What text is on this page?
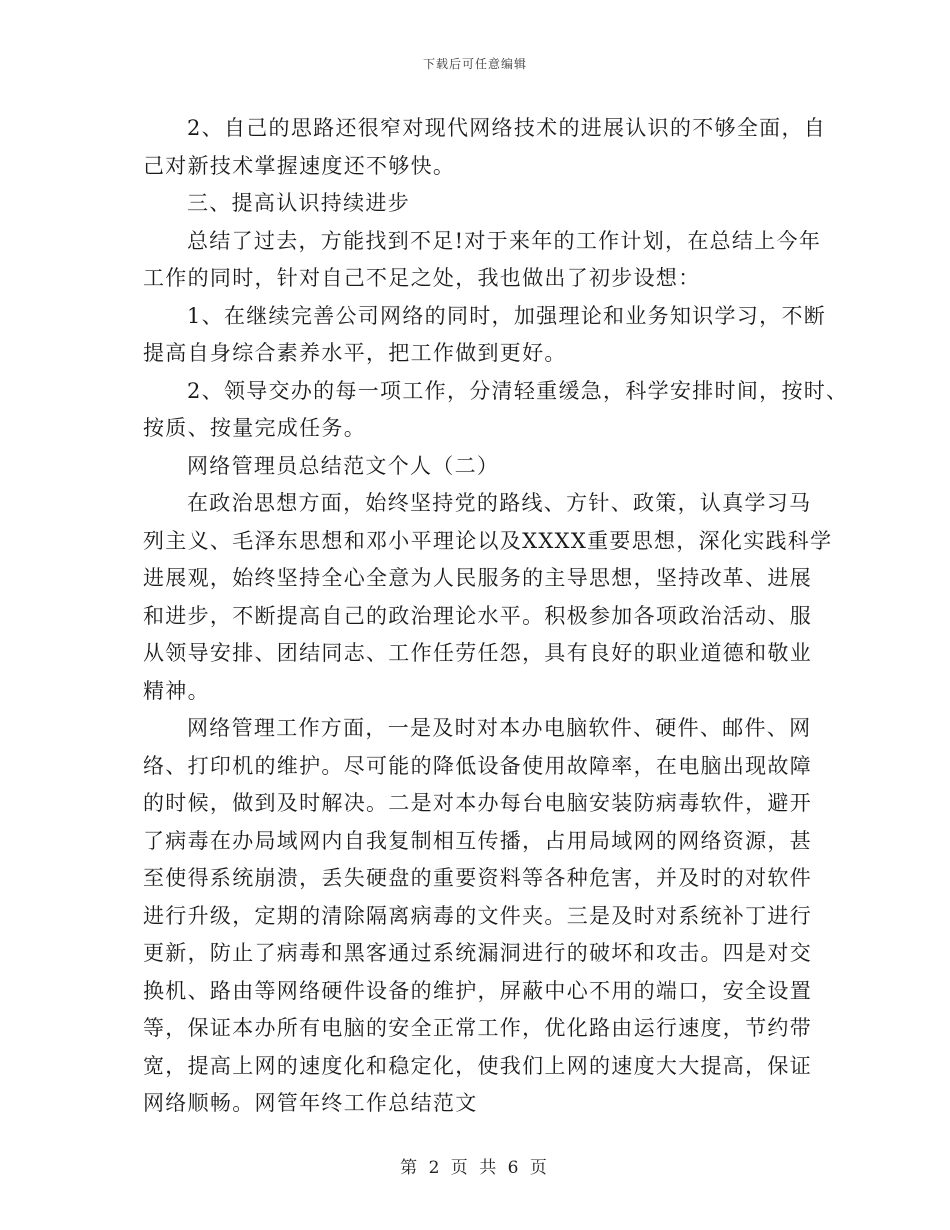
下载后可任意编辑
2、自己的思路还很窄对现代网络技术的进展认识的不够全面，自
己对新技术掌握速度还不够快。
三、提高认识持续进步
总结了过去，方能找到不足!对于来年的工作计划，在总结上今年
工作的同时，针对自己不足之处，我也做出了初步设想：
1、在继续完善公司网络的同时，加强理论和业务知识学习，不断
提高自身综合素养水平，把工作做到更好。
2、领导交办的每一项工作，分清轻重缓急，科学安排时间，按时、
按质、按量完成任务。
网络管理员总结范文个人（二）
在政治思想方面，始终坚持党的路线、方针、政策，认真学习马
列主义、毛泽东思想和邓小平理论以及XXXX重要思想，深化实践科学
进展观，始终坚持全心全意为人民服务的主导思想，坚持改革、进展
和进步，不断提高自己的政治理论水平。积极参加各项政治活动、服
从领导安排、团结同志、工作任劳任怨，具有良好的职业道德和敬业
精神。
网络管理工作方面，一是及时对本办电脑软件、硬件、邮件、网
络、打印机的维护。尽可能的降低设备使用故障率，在电脑出现故障
的时候，做到及时解决。二是对本办每台电脑安装防病毒软件，避开
了病毒在办局域网内自我复制相互传播，占用局域网的网络资源，甚
至使得系统崩溃，丢失硬盘的重要资料等各种危害，并及时的对软件
进行升级，定期的清除隔离病毒的文件夹。三是及时对系统补丁进行
更新，防止了病毒和黑客通过系统漏洞进行的破坏和攻击。四是对交
换机、路由等网络硬件设备的维护，屏蔽中心不用的端口，安全设置
等，保证本办所有电脑的安全正常工作，优化路由运行速度，节约带
宽，提高上网的速度化和稳定化，使我们上网的速度大大提高，保证
网络顺畅。网管年终工作总结范文
第 2 页 共 6 页
